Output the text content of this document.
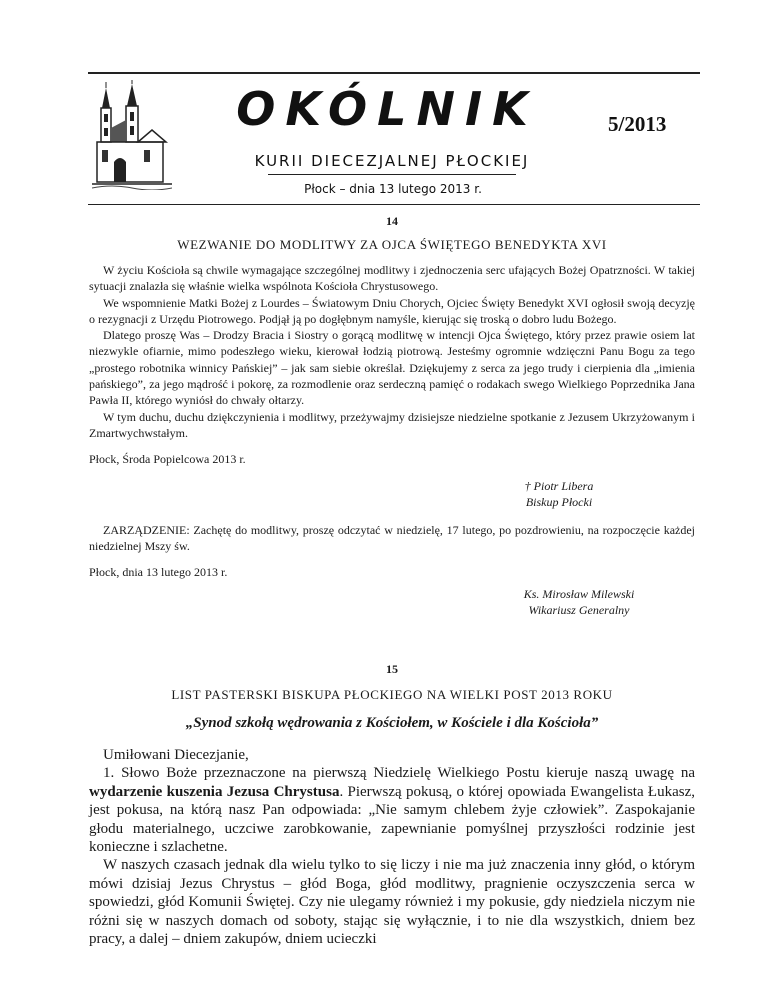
OKÓLNIK	5/2013
KURII DIECEZJALNEJ PŁOCKIEJ
Płock – dnia 13 lutego 2013 r.
14
WEZWANIE DO MODLITWY ZA OJCA ŚWIĘTEGO BENEDYKTA XVI

W życiu Kościoła są chwile wymagające szczególnej modlitwy i zjednoczenia serc ufających Bożej Opatrzności. W takiej sytuacji znalazła się właśnie wielka wspólnota Kościoła Chrystusowego.

We wspomnienie Matki Bożej z Lourdes – Światowym Dniu Chorych, Ojciec Święty Benedykt XVI ogłosił swoją decyzję o rezygnacji z Urzędu Piotrowego. Podjął ją po dogłębnym namyśle, kierując się troską o dobro ludu Bożego.

Dlatego proszę Was – Drodzy Bracia i Siostry o gorącą modlitwę w intencji Ojca Świętego, który przez prawie osiem lat niezwykle ofiarnie, mimo podeszłego wieku, kierował łodzią piotrową. Jesteśmy ogromnie wdzięczni Panu Bogu za tego „prostego robotnika winnicy Pańskiej” – jak sam siebie określał. Dziękujemy z serca za jego trudy i cierpienia dla „imienia pańskiego”, za jego mądrość i pokorę, za rozmodlenie oraz serdeczną pamięć o rodakach swego Wielkiego Poprzednika Jana Pawła II, którego wyniósł do chwały ołtarzy.

W tym duchu, duchu dziękczynienia i modlitwy, przeżywajmy dzisiejsze niedzielne spotkanie z Jezusem Ukrzyżowanym i Zmartwychwstałym.

Płock, Środa Popielcowa 2013 r.

† Piotr Libera
Biskup Płocki

ZARZĄDZENIE: Zachętę do modlitwy, proszę odczytać w niedzielę, 17 lutego, po pozdrowieniu, na rozpoczęcie każdej niedzielnej Mszy św.

Płock, dnia 13 lutego 2013 r.

Ks. Mirosław Milewski
Wikariusz Generalny
15
LIST PASTERSKI BISKUPA PŁOCKIEGO NA WIELKI POST 2013 ROKU
„Synod szkołą wędrowania z Kościołem, w Kościele i dla Kościoła”

Umiłowani Diecezjanie,

1. Słowo Boże przeznaczone na pierwszą Niedzielę Wielkiego Postu kieruje naszą uwagę na wydarzenie kuszenia Jezusa Chrystusa. Pierwszą pokusą, o której opowiada Ewangelista Łukasz, jest pokusa, na którą nasz Pan odpowiada: „Nie samym chlebem żyje człowiek”. Zaspokajanie głodu materialnego, uczciwe zarobkowanie, zapewnianie pomyślnej przyszłości rodzinie jest konieczne i szlachetne.

W naszych czasach jednak dla wielu tylko to się liczy i nie ma już znaczenia inny głód, o którym mówi dzisiaj Jezus Chrystus – głód Boga, głód modlitwy, pragnienie oczyszczenia serca w spowiedzi, głód Komunii Świętej. Czy nie ulegamy również i my pokusie, gdy niedziela niczym nie różni się w naszych domach od soboty, stając się wyłącznie, i to nie dla wszystkich, dniem bez pracy, a dalej – dniem zakupów, dniem ucieczki
